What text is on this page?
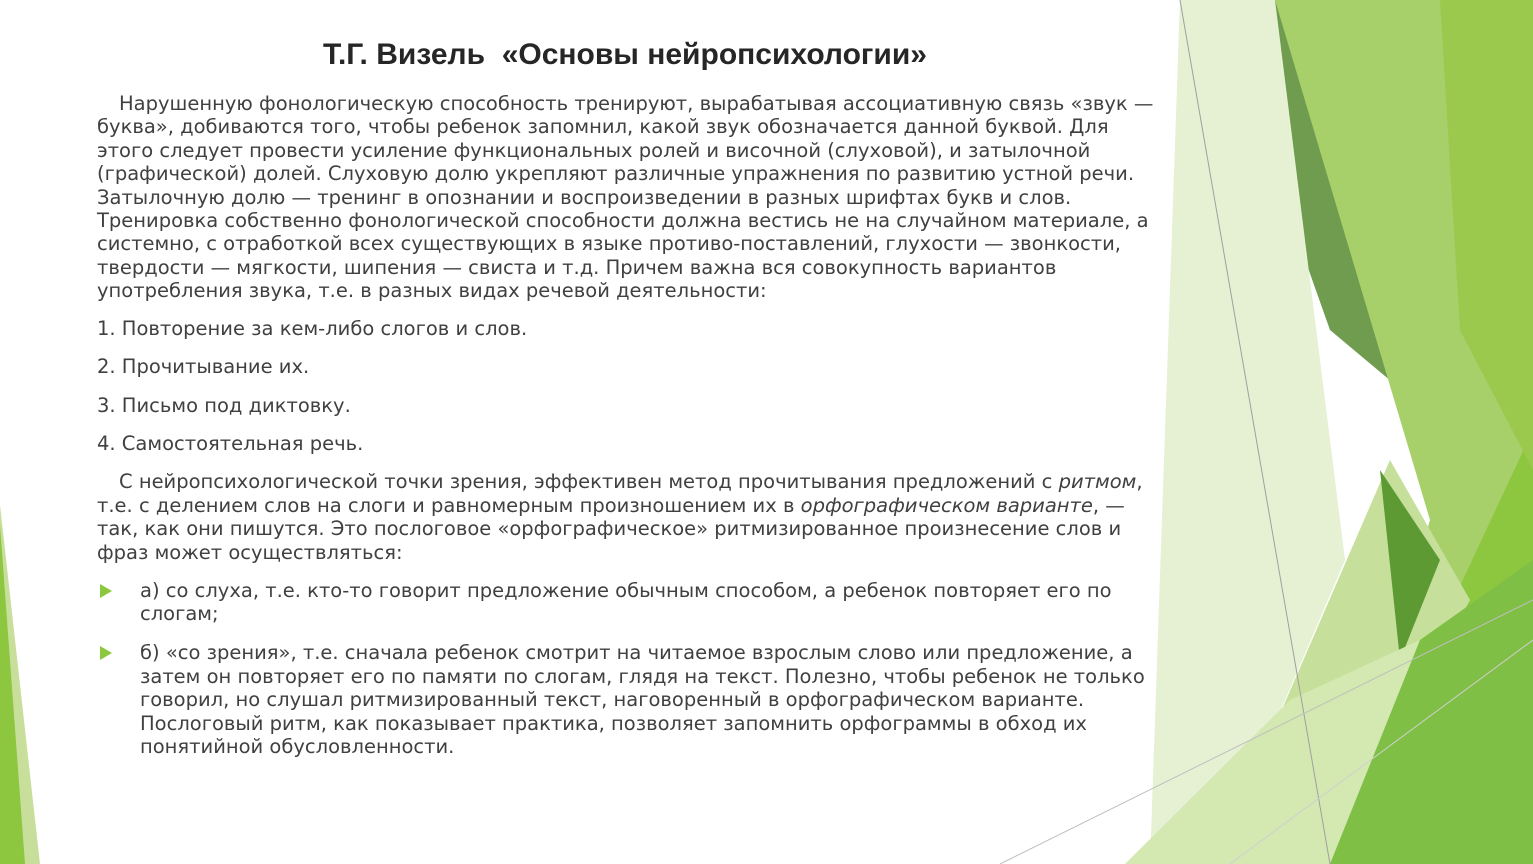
Т.Г. Визель  «Основы нейропсихологии»

Нарушенную фонологическую способность тренируют, вырабатывая ассоциативную связь «звук — буква», добиваются того, чтобы ребенок запомнил, какой звук обозначается данной буквой. Для этого следует провести усиление функциональных ролей и височной (слуховой), и затылочной (графической) долей. Слуховую долю укрепляют различные упражнения по развитию устной речи. Затылочную долю — тренинг в опознании и воспроизведении в разных шрифтах букв и слов. Тренировка собственно фонологической способности должна вестись не на случайном материале, а системно, с отработкой всех существующих в языке противо-поставлений, глухости — звонкости, твердости — мягкости, шипения — свиста и т.д. Причем важна вся совокупность вариантов употребления звука, т.е. в разных видах речевой деятельности:

1. Повторение за кем-либо слогов и слов.

2. Прочитывание их.

3. Письмо под диктовку.

4. Самостоятельная речь.

С нейропсихологической точки зрения, эффективен метод прочитывания предложений с ритмом, т.е. с делением слов на слоги и равномерным произношением их в орфографическом варианте, — так, как они пишутся. Это послоговое «орфографическое» ритмизированное произнесение слов и фраз может осуществляться:

а) со слуха, т.е. кто-то говорит предложение обычным способом, а ребенок повторяет его по слогам;
б) «со зрения», т.е. сначала ребенок смотрит на читаемое взрослым слово или предложение, а затем он повторяет его по памяти по слогам, глядя на текст. Полезно, чтобы ребенок не только говорил, но слушал ритмизированный текст, наговоренный в орфографическом варианте. Послоговый ритм, как показывает практика, позволяет запомнить орфограммы в обход их понятийной обусловленности.
